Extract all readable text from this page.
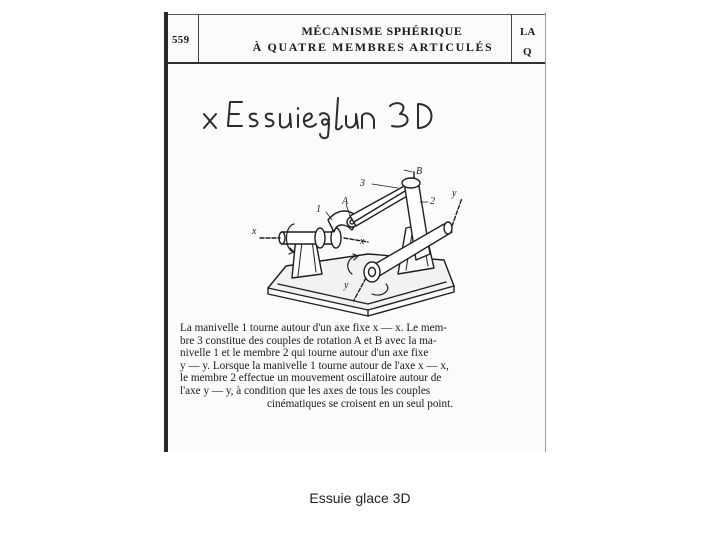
559
MÉCANISME SPHÉRIQUE
À QUATRE MEMBRES ARTICULÉS
LA
Q
3
2
1
A
B
x
x
y
y

La manivelle 1 tourne autour d'un axe fixe x — x. Le mem-

bre 3 constitue des couples de rotation A et B avec la ma-

nivelle 1 et le membre 2 qui tourne autour d'un axe fixe

y — y. Lorsque la manivelle 1 tourne autour de l'axe x — x,

le membre 2 effectue un mouvement oscillatoire autour de

l'axe y — y, à condition que les axes de tous les couples

cinématiques se croisent en un seul point.

Essuie glace 3D
